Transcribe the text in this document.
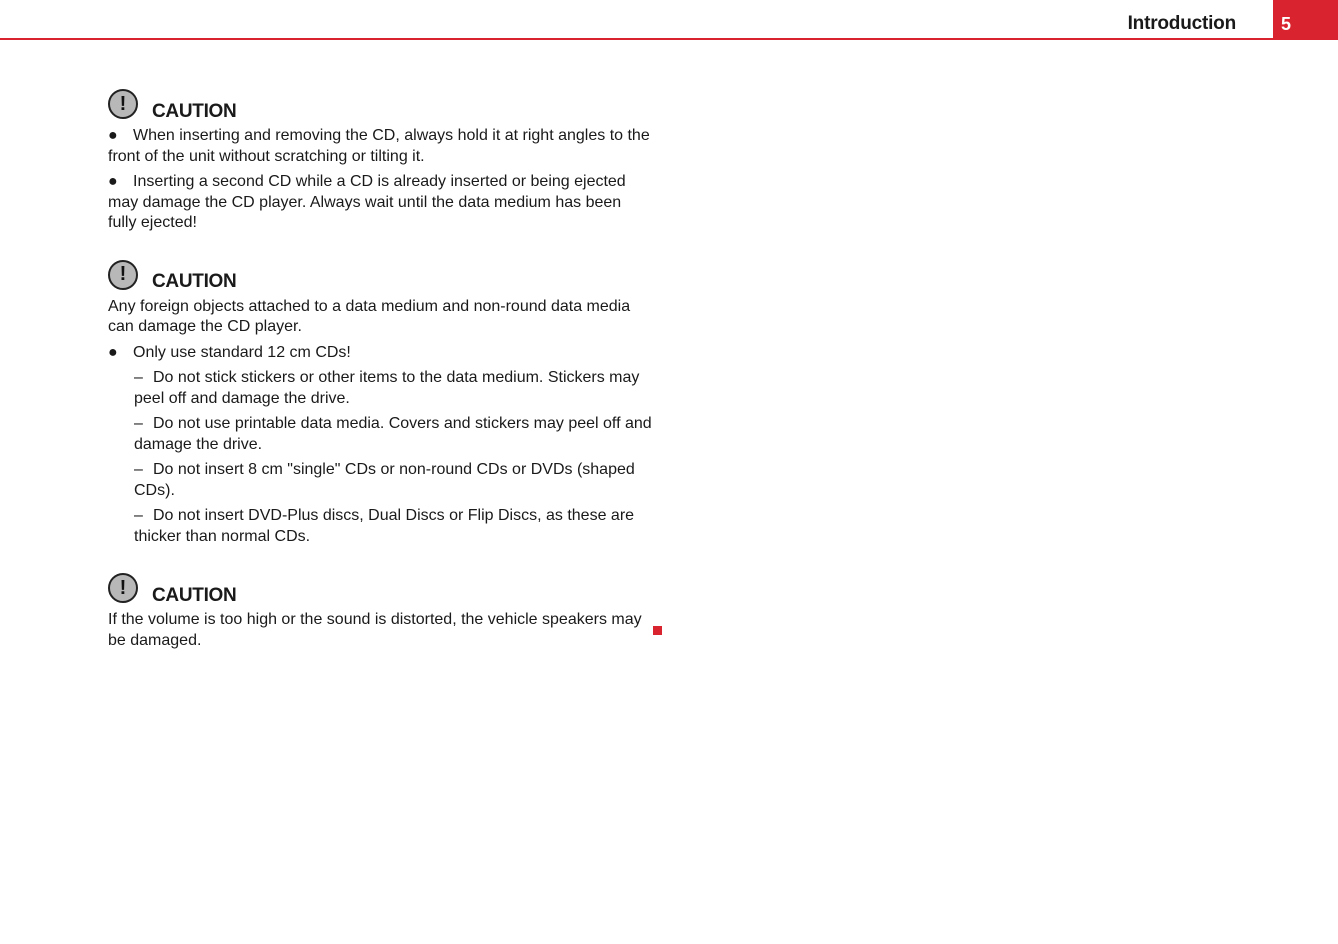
Introduction	5
!	CAUTION

● When inserting and removing the CD, always hold it at right angles to the front of the unit without scratching or tilting it.

● Inserting a second CD while a CD is already inserted or being ejected may damage the CD player. Always wait until the data medium has been fully ejected!

!	CAUTION

Any foreign objects attached to a data medium and non-round data media can damage the CD player.

● Only use standard 12 cm CDs!

– Do not stick stickers or other items to the data medium. Stickers may peel off and damage the drive.

– Do not use printable data media. Covers and stickers may peel off and damage the drive.

– Do not insert 8 cm "single" CDs or non-round CDs or DVDs (shaped CDs).

– Do not insert DVD-Plus discs, Dual Discs or Flip Discs, as these are thicker than normal CDs.

!	CAUTION

If the volume is too high or the sound is distorted, the vehicle speakers may be damaged.
